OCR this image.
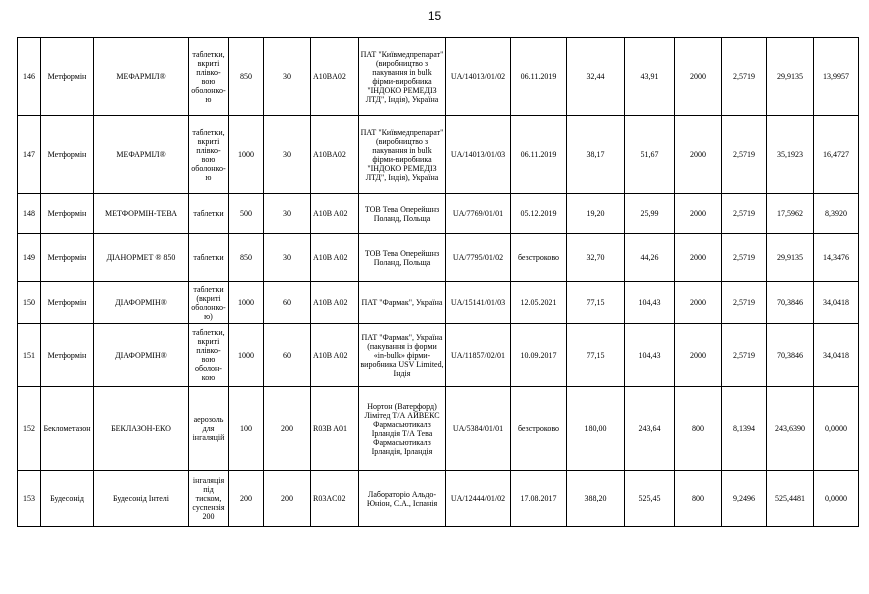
15
146	Метформін	МЕФАРМІЛ®	таблетки, вкриті плівко-вою оболонко-ю	850	30	A10BA02	ПАТ "Київмедпрепарат" (виробництво з пакування in bulk фірми-виробника "ІНДОКО РЕМЕДІЗ ЛТД", Індія), Україна	UA/14013/01/02	06.11.2019	32,44	43,91	2000	2,5719	29,9135	13,9957
147	Метформін	МЕФАРМІЛ®	таблетки, вкриті плівко-вою оболонко-ю	1000	30	A10BA02	ПАТ "Київмедпрепарат" (виробництво з пакування in bulk фірми-виробника "ІНДОКО РЕМЕДІЗ ЛТД", Індія), Україна	UA/14013/01/03	06.11.2019	38,17	51,67	2000	2,5719	35,1923	16,4727
148	Метформін	МЕТФОРМІН-ТЕВА	таблетки	500	30	A10B A02	ТОВ Тева Оперейшнз Поланд, Польща	UA/7769/01/01	05.12.2019	19,20	25,99	2000	2,5719	17,5962	8,3920
149	Метформін	ДІАНОРМЕТ ® 850	таблетки	850	30	A10B A02	ТОВ Тева Оперейшнз Поланд, Польща	UA/7795/01/02	безстроково	32,70	44,26	2000	2,5719	29,9135	14,3476
150	Метформін	ДІАФОРМІН®	таблетки (вкриті оболонко-ю)	1000	60	A10B A02	ПАТ "Фармак", Україна	UA/15141/01/03	12.05.2021	77,15	104,43	2000	2,5719	70,3846	34,0418
151	Метформін	ДІАФОРМІН®	таблетки, вкриті плівко-вою оболон-кою	1000	60	A10B A02	ПАТ "Фармак", Україна (пакування із форми «in-bulk» фірми-виробника USV Limited, Індія	UA/11857/02/01	10.09.2017	77,15	104,43	2000	2,5719	70,3846	34,0418
152	Беклометазон	БЕКЛАЗОН-ЕКО	аерозоль для інгаляцій	100	200	R03B A01	Нортон (Ватерфорд) Лімітед Т/А АЙВЕКС Фармасьютикалз Ірландія Т/А Тева Фармасьютикалз Ірландія, Ірландія	UA/5384/01/01	безстроково	180,00	243,64	800	8,1394	243,6390	0,0000
153	Будесонід	Будесонід Інтелі	інгаляція під тиском, суспензія 200	200	200	R03AC02	Лабораторіо Альдо-Юніон, С.А., Іспанія	UA/12444/01/02	17.08.2017	388,20	525,45	800	9,2496	525,4481	0,0000
